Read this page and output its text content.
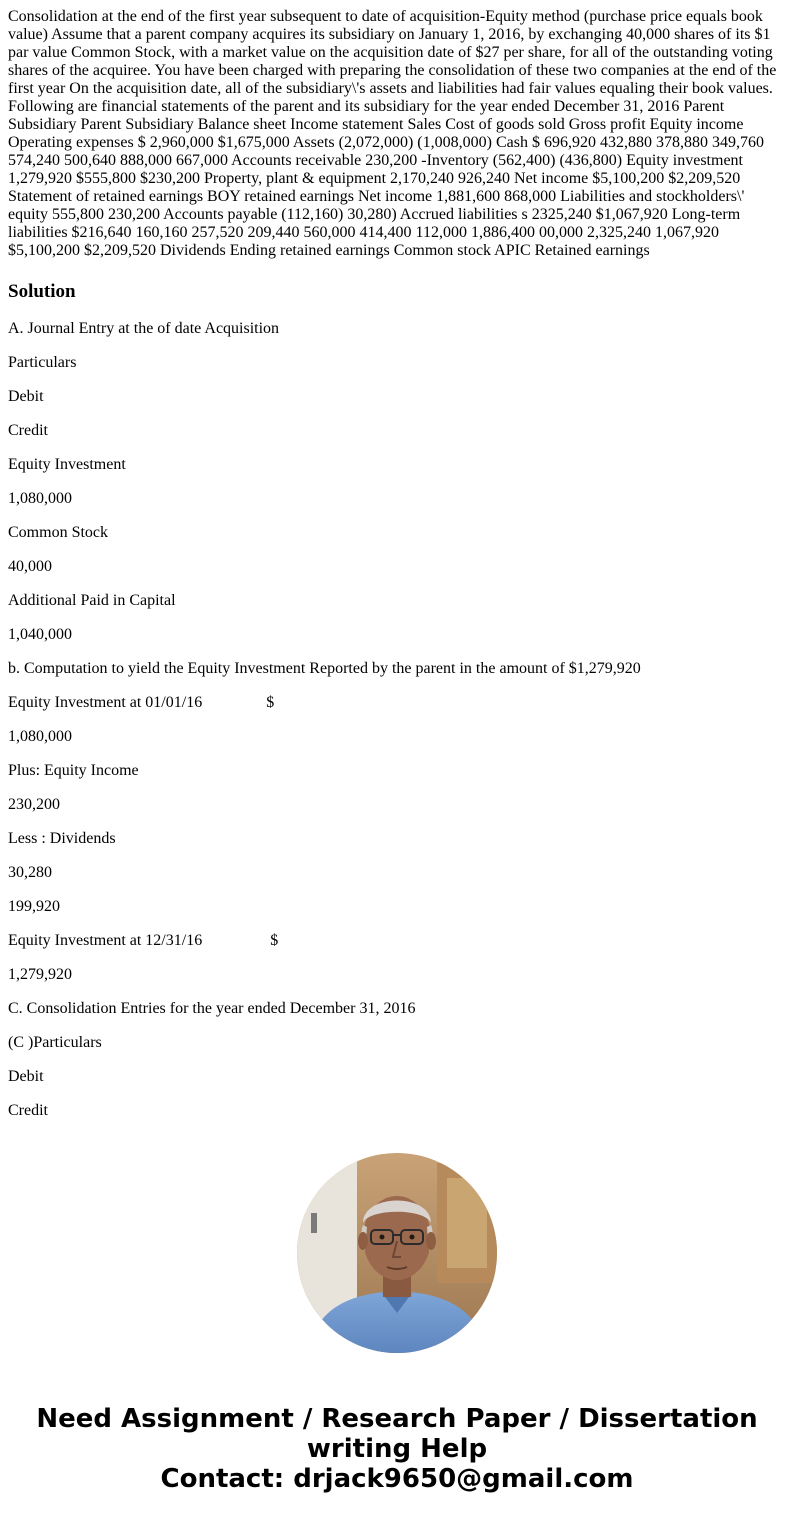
Consolidation at the end of the first year subsequent to date of acquisition-Equity method (purchase price equals book value) Assume that a parent company acquires its subsidiary on January 1, 2016, by exchanging 40,000 shares of its $1 par value Common Stock, with a market value on the acquisition date of $27 per share, for all of the outstanding voting shares of the acquiree. You have been charged with preparing the consolidation of these two companies at the end of the first year On the acquisition date, all of the subsidiary\'s assets and liabilities had fair values equaling their book values. Following are financial statements of the parent and its subsidiary for the year ended December 31, 2016 Parent Subsidiary Parent Subsidiary Balance sheet Income statement Sales Cost of goods sold Gross profit Equity income Operating expenses $ 2,960,000 $1,675,000 Assets (2,072,000) (1,008,000) Cash $ 696,920 432,880 378,880 349,760 574,240 500,640 888,000 667,000 Accounts receivable 230,200 -Inventory (562,400) (436,800) Equity investment 1,279,920 $555,800 $230,200 Property, plant & equipment 2,170,240 926,240 Net income $5,100,200 $2,209,520 Statement of retained earnings BOY retained earnings Net income 1,881,600 868,000 Liabilities and stockholders\' equity 555,800 230,200 Accounts payable (112,160) 30,280) Accrued liabilities s 2325,240 $1,067,920 Long-term liabilities $216,640 160,160 257,520 209,440 560,000 414,400 112,000 1,886,400 00,000 2,325,240 1,067,920 $5,100,200 $2,209,520 Dividends Ending retained earnings Common stock APIC Retained earnings

Solution

A. Journal Entry at the of date Acquisition

Particulars

Debit

Credit

Equity Investment

1,080,000

Common Stock

40,000

Additional Paid in Capital

1,040,000

b. Computation to yield the Equity Investment Reported by the parent in the amount of $1,279,920

Equity Investment at 01/01/16                $

1,080,000

Plus: Equity Income

230,200

Less : Dividends

30,280

199,920

Equity Investment at 12/31/16                 $

1,279,920

C. Consolidation Entries for the year ended December 31, 2016

(C )Particulars

Debit

Credit

Need Assignment / Research Paper / Dissertation
writing Help
Contact: drjack9650@gmail.com
